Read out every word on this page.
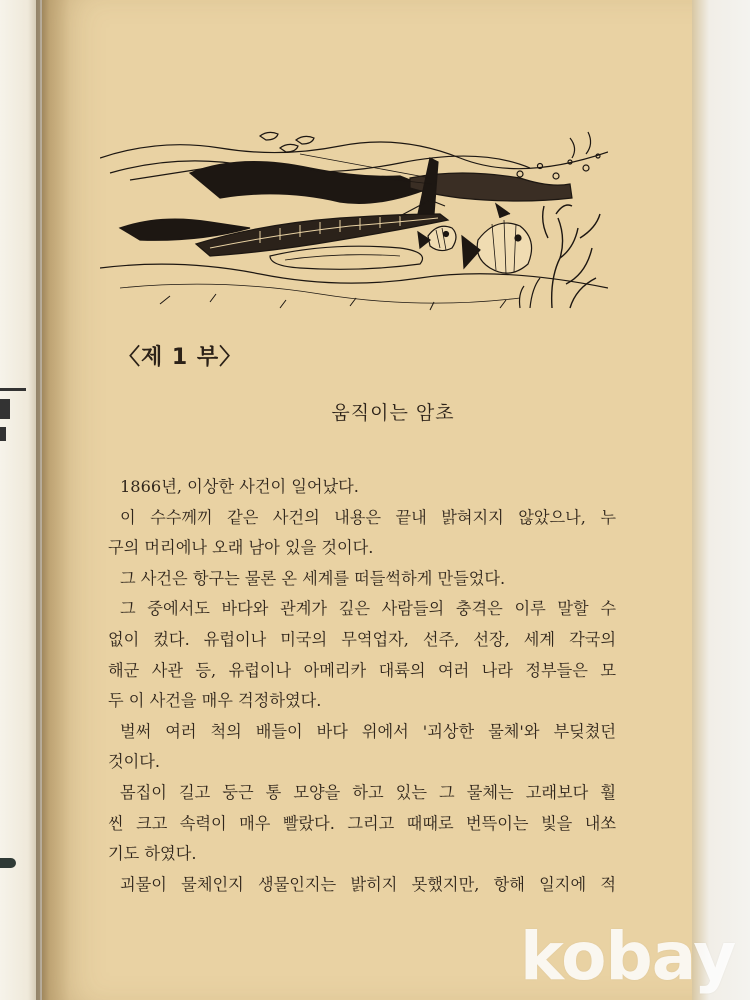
〈제 1 부〉
움직이는 암초
1866년, 이상한 사건이 일어났다.
이 수수께끼 같은 사건의 내용은 끝내 밝혀지지 않았으나, 누
구의 머리에나 오래 남아 있을 것이다.
그 사건은 항구는 물론 온 세계를 떠들썩하게 만들었다.
그 중에서도 바다와 관계가 깊은 사람들의 충격은 이루 말할 수
없이 컸다. 유럽이나 미국의 무역업자, 선주, 선장, 세계 각국의
해군 사관 등, 유럽이나 아메리카 대륙의 여러 나라 정부들은 모
두 이 사건을 매우 걱정하였다.
벌써 여러 척의 배들이 바다 위에서 '괴상한 물체'와 부딪쳤던
것이다.
몸집이 길고 둥근 통 모양을 하고 있는 그 물체는 고래보다 훨
씬 크고 속력이 매우 빨랐다. 그리고 때때로 번뜩이는 빛을 내쏘
기도 하였다.
괴물이 물체인지 생물인지는 밝히지 못했지만, 항해 일지에 적
kobay
